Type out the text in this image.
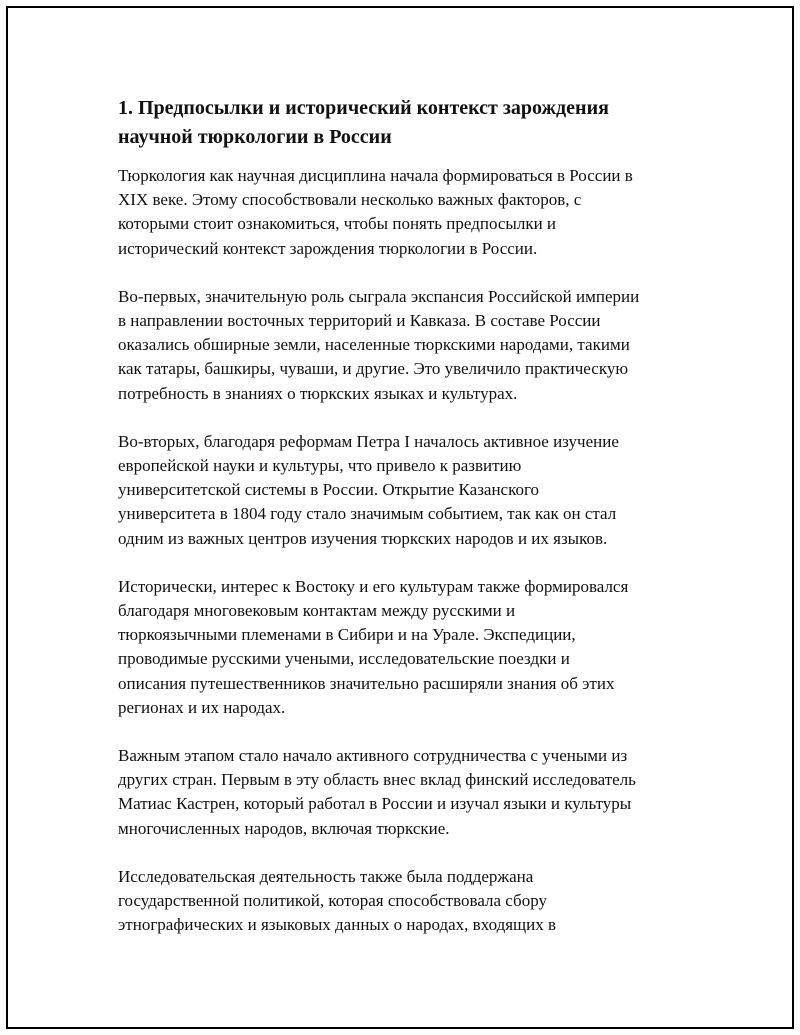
1. Предпосылки и исторический контекст зарождения
научной тюркологии в России

Тюркология как научная дисциплина начала формироваться в России в
XIX веке. Этому способствовали несколько важных факторов, с
которыми стоит ознакомиться, чтобы понять предпосылки и
исторический контекст зарождения тюркологии в России.

Во-первых, значительную роль сыграла экспансия Российской империи
в направлении восточных территорий и Кавказа. В составе России
оказались обширные земли, населенные тюркскими народами, такими
как татары, башкиры, чуваши, и другие. Это увеличило практическую
потребность в знаниях о тюркских языках и культурах.

Во-вторых, благодаря реформам Петра I началось активное изучение
европейской науки и культуры, что привело к развитию
университетской системы в России. Открытие Казанского
университета в 1804 году стало значимым событием, так как он стал
одним из важных центров изучения тюркских народов и их языков.

Исторически, интерес к Востоку и его культурам также формировался
благодаря многовековым контактам между русскими и
тюркоязычными племенами в Сибири и на Урале. Экспедиции,
проводимые русскими учеными, исследовательские поездки и
описания путешественников значительно расширяли знания об этих
регионах и их народах.

Важным этапом стало начало активного сотрудничества с учеными из
других стран. Первым в эту область внес вклад финский исследователь
Матиас Кастрен, который работал в России и изучал языки и культуры
многочисленных народов, включая тюркские.

Исследовательская деятельность также была поддержана
государственной политикой, которая способствовала сбору
этнографических и языковых данных о народах, входящих в
